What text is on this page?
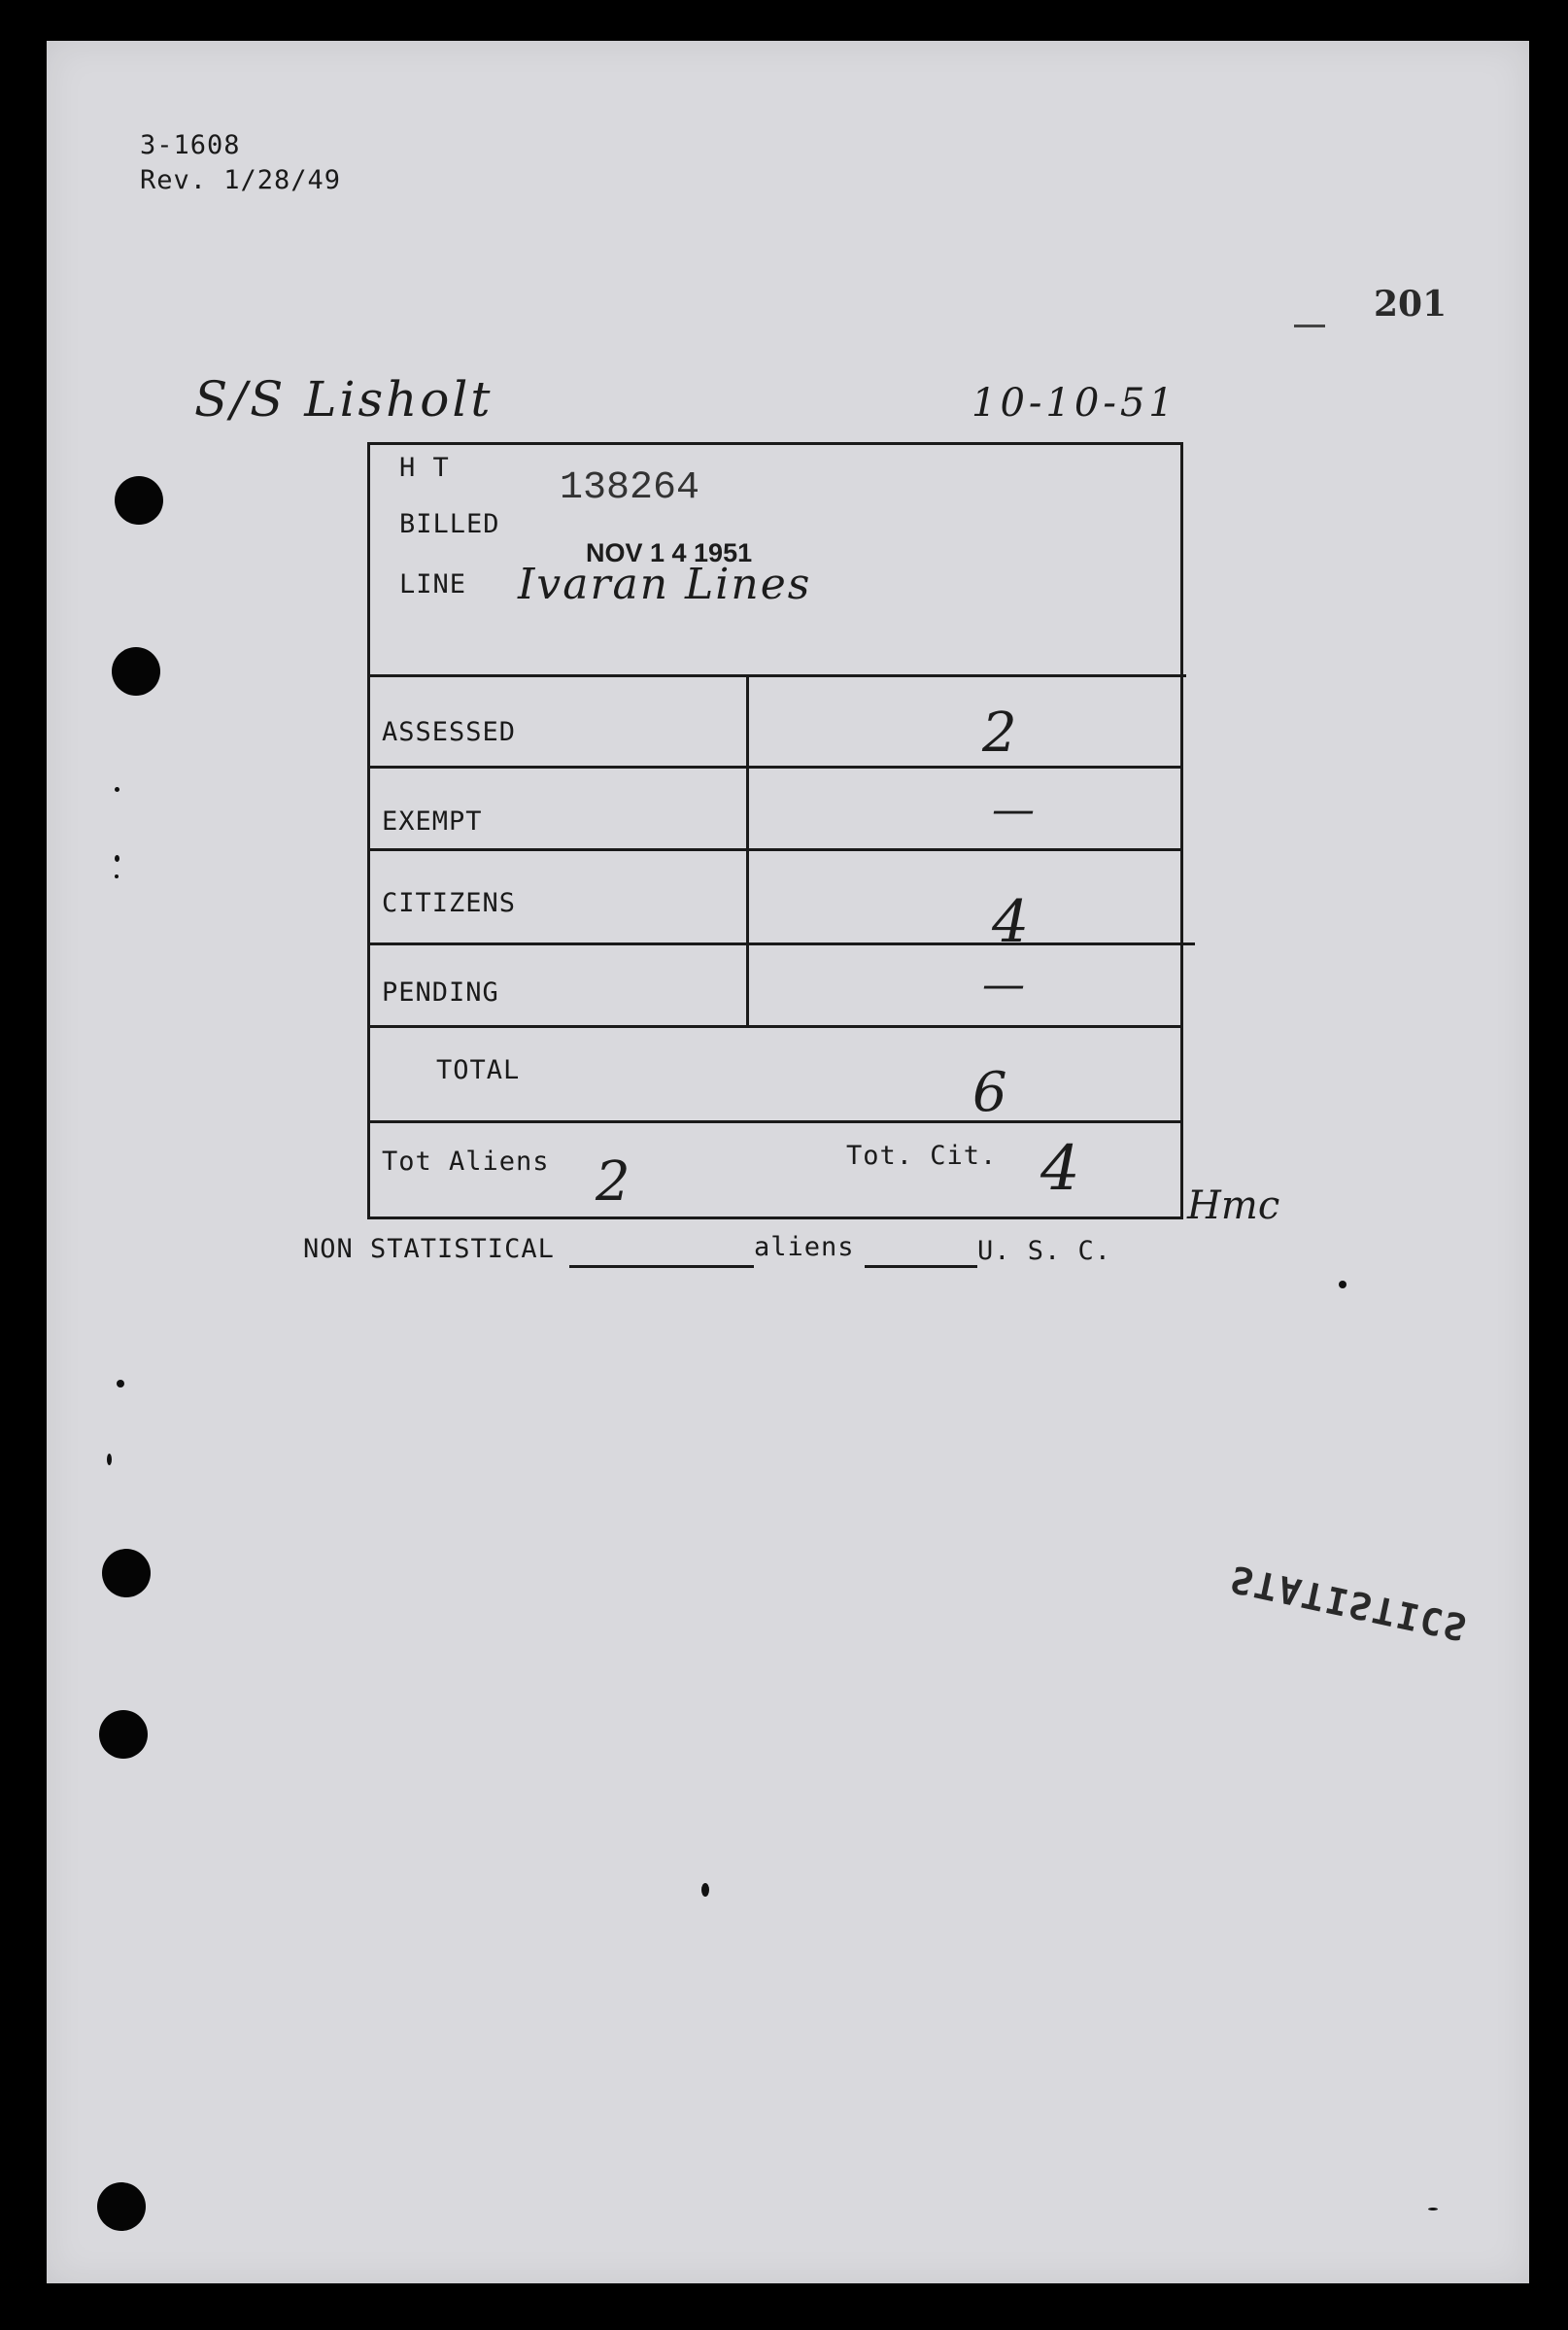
3-1608
Rev. 1/28/49
201
S/S Lisholt	10-10-51
H T	138264
BILLED
NOV 1 4 1951
LINE Ivaran Lines
ASSESSED	2
EXEMPT	—
CITIZENS	4
PENDING	—
TOTAL	6
Tot Aliens 2	Tot. Cit. 4
Hmc
NON STATISTICAL	aliens	U. S. C.
STATISTICS
